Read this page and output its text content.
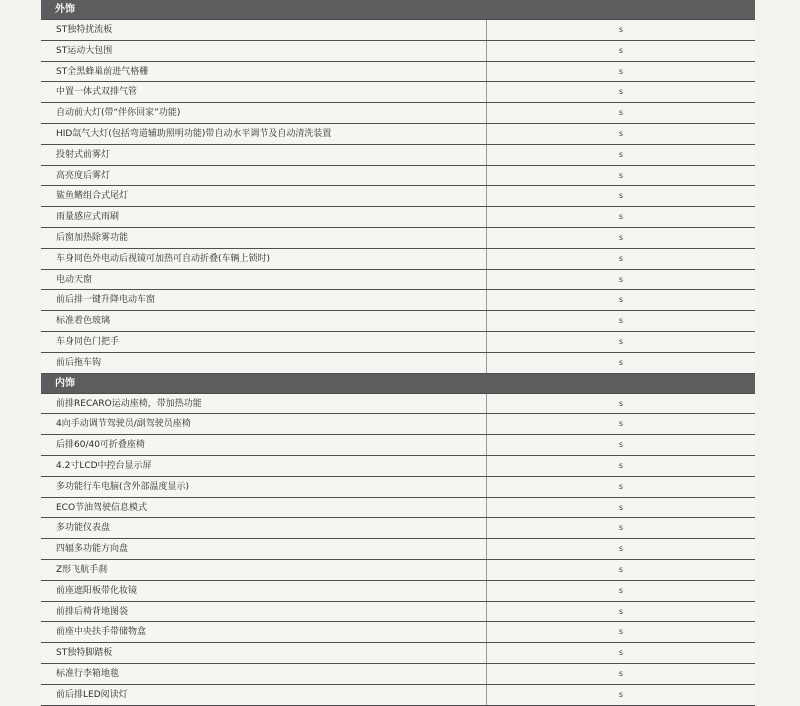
外饰
ST独特扰流板	s
ST运动大包围	s
ST全黑蜂巢前进气格栅	s
中置一体式双排气管	s
自动前大灯(带“伴你回家”功能)	s
HID氙气大灯(包括弯道辅助照明功能)带自动水平调节及自动清洗装置	s
投射式前雾灯	s
高亮度后雾灯	s
鲨鱼鳍组合式尾灯	s
雨量感应式雨刷	s
后窗加热除雾功能	s
车身同色外电动后视镜可加热可自动折叠(车辆上锁时)	s
电动天窗	s
前后排一键升降电动车窗	s
标准着色玻璃	s
车身同色门把手	s
前后拖车钩	s
内饰
前排RECARO运动座椅，带加热功能	s
4向手动调节驾驶员/副驾驶员座椅	s
后排60/40可折叠座椅	s
4.2寸LCD中控台显示屏	s
多功能行车电脑(含外部温度显示)	s
ECO节油驾驶信息模式	s
多功能仪表盘	s
四辐多功能方向盘	s
Z形飞航手刹	s
前座遮阳板带化妆镜	s
前排后椅背地图袋	s
前座中央扶手带储物盒	s
ST独特脚踏板	s
标准行李箱地毯	s
前后排LED阅读灯	s
